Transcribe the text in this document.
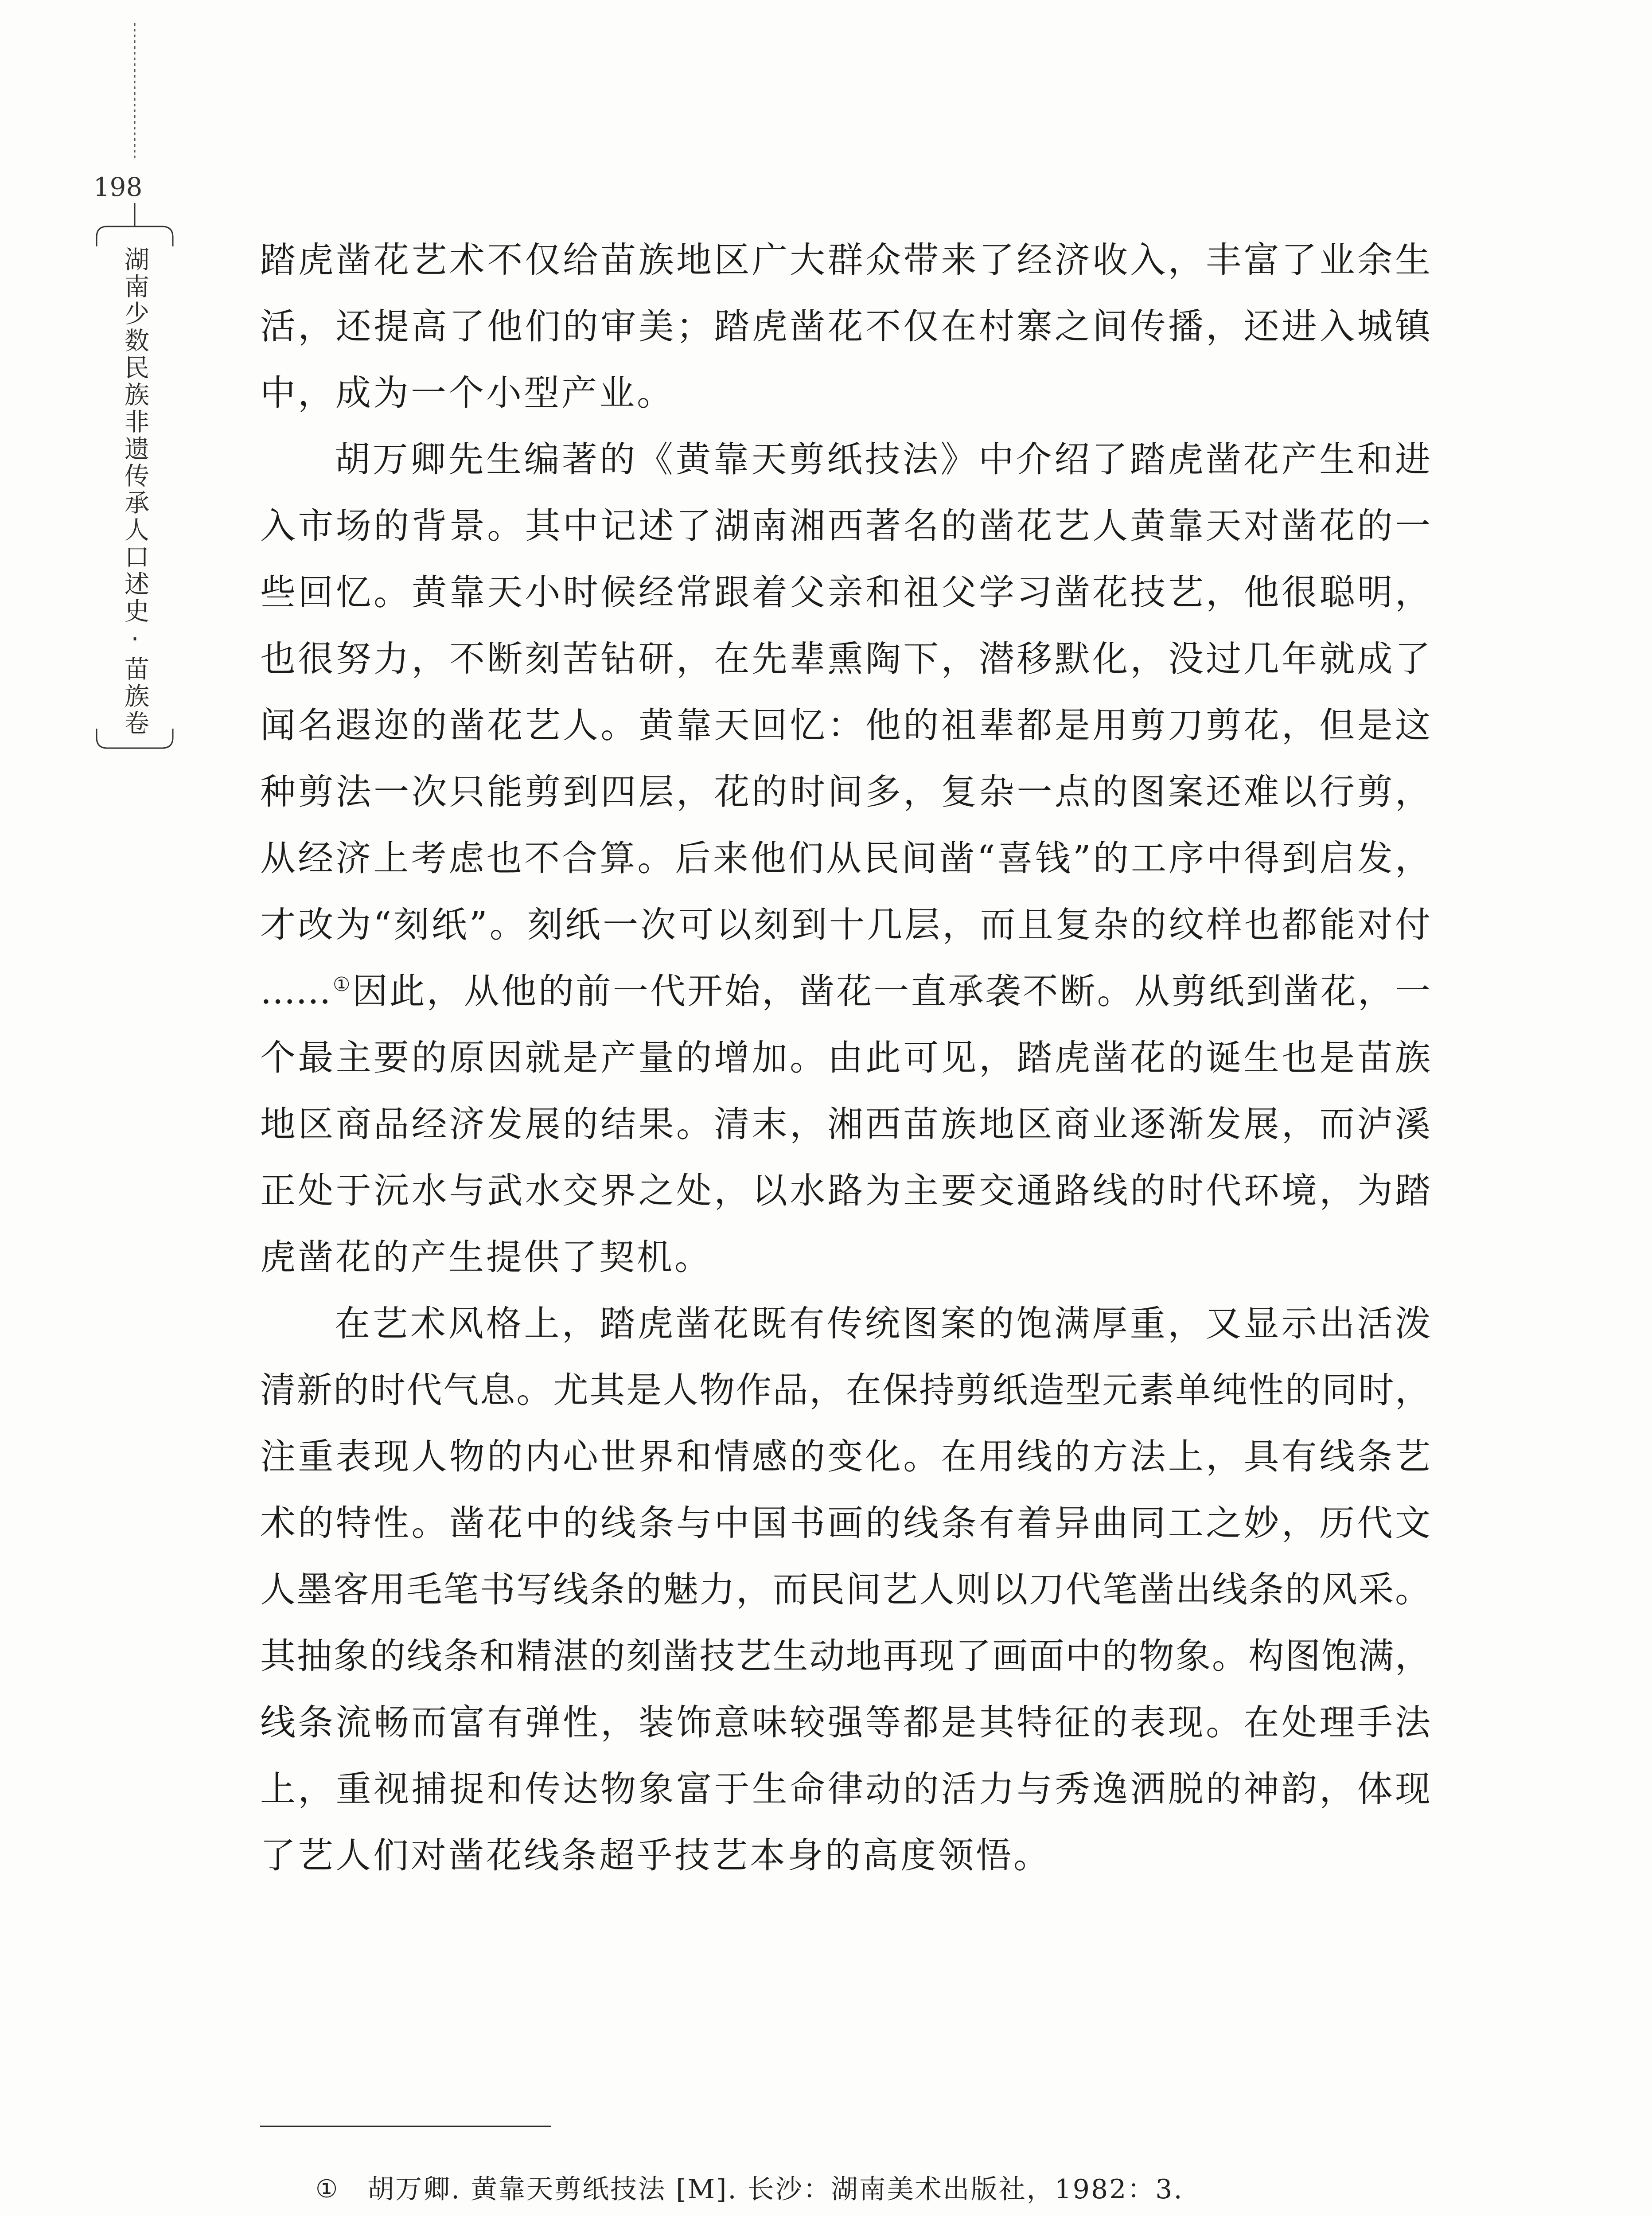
198
湖南少数民族非遗传承人口述史·苗族卷	踏虎凿花艺术不仅给苗族地区广大群众带来了经济收入，丰富了业余生
活，还提高了他们的审美；踏虎凿花不仅在村寨之间传播，还进入城镇
中，成为一个小型产业。
胡万卿先生编著的《黄靠天剪纸技法》中介绍了踏虎凿花产生和进
入市场的背景。其中记述了湖南湘西著名的凿花艺人黄靠天对凿花的一
些回忆。黄靠天小时候经常跟着父亲和祖父学习凿花技艺，他很聪明，
也很努力，不断刻苦钻研，在先辈熏陶下，潜移默化，没过几年就成了
闻名遐迩的凿花艺人。黄靠天回忆：他的祖辈都是用剪刀剪花，但是这
种剪法一次只能剪到四层，花的时间多，复杂一点的图案还难以行剪，
从经济上考虑也不合算。后来他们从民间凿“喜钱”的工序中得到启发，
才改为“刻纸”。刻纸一次可以刻到十几层，而且复杂的纹样也都能对付
……①因此，从他的前一代开始，凿花一直承袭不断。从剪纸到凿花，一
个最主要的原因就是产量的增加。由此可见，踏虎凿花的诞生也是苗族
地区商品经济发展的结果。清末，湘西苗族地区商业逐渐发展，而泸溪
正处于沅水与武水交界之处，以水路为主要交通路线的时代环境，为踏
虎凿花的产生提供了契机。
在艺术风格上，踏虎凿花既有传统图案的饱满厚重，又显示出活泼
清新的时代气息。尤其是人物作品，在保持剪纸造型元素单纯性的同时，
注重表现人物的内心世界和情感的变化。在用线的方法上，具有线条艺
术的特性。凿花中的线条与中国书画的线条有着异曲同工之妙，历代文
人墨客用毛笔书写线条的魅力，而民间艺人则以刀代笔凿出线条的风采。
其抽象的线条和精湛的刻凿技艺生动地再现了画面中的物象。构图饱满，
线条流畅而富有弹性，装饰意味较强等都是其特征的表现。在处理手法
上，重视捕捉和传达物象富于生命律动的活力与秀逸洒脱的神韵，体现
了艺人们对凿花线条超乎技艺本身的高度领悟。
① 胡万卿. 黄靠天剪纸技法 [M]. 长沙：湖南美术出版社，1982：3.
